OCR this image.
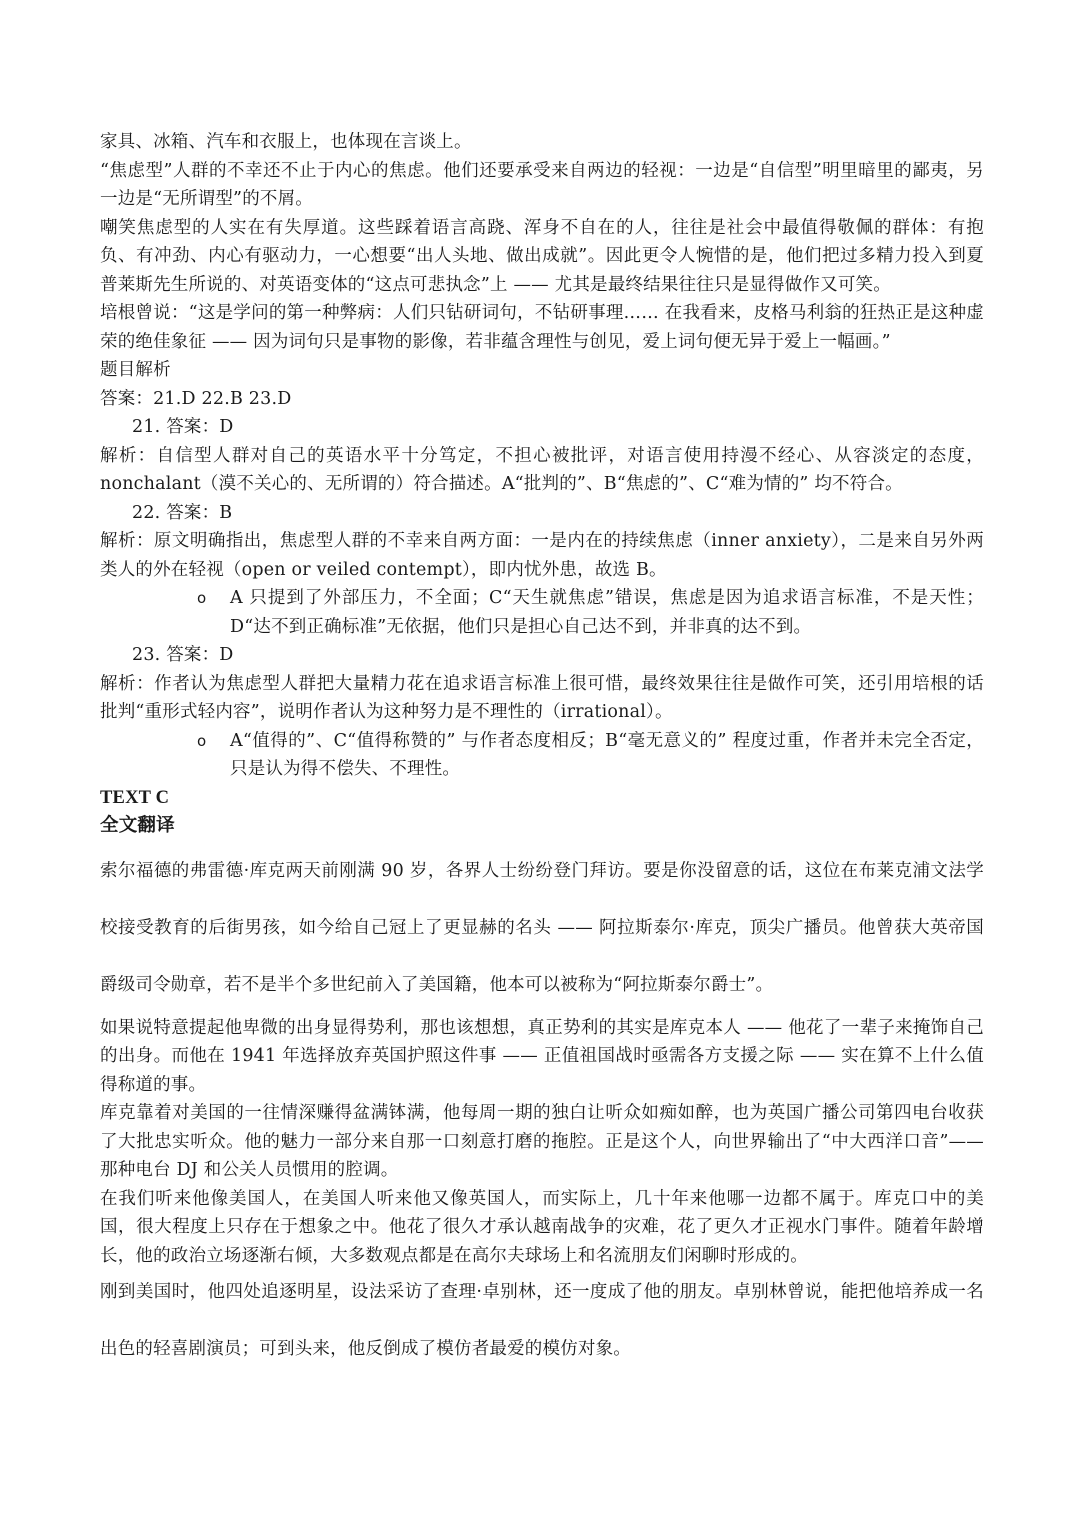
家具、冰箱、汽车和衣服上，也体现在言谈上。

“焦虑型”人群的不幸还不止于内心的焦虑。他们还要承受来自两边的轻视：一边是“自信型”明里暗里的鄙夷，另一边是“无所谓型”的不屑。

嘲笑焦虑型的人实在有失厚道。这些踩着语言高跷、浑身不自在的人，往往是社会中最值得敬佩的群体：有抱负、有冲劲、内心有驱动力，一心想要“出人头地、做出成就”。因此更令人惋惜的是，他们把过多精力投入到夏普莱斯先生所说的、对英语变体的“这点可悲执念”上 —— 尤其是最终结果往往只是显得做作又可笑。

培根曾说：“这是学问的第一种弊病：人们只钻研词句，不钻研事理…… 在我看来，皮格马利翁的狂热正是这种虚荣的绝佳象征 —— 因为词句只是事物的影像，若非蕴含理性与创见，爱上词句便无异于爱上一幅画。”

题目解析

答案：21.D 22.B 23.D

21. 答案：D

解析：自信型人群对自己的英语水平十分笃定，不担心被批评，对语言使用持漫不经心、从容淡定的态度，nonchalant（漠不关心的、无所谓的）符合描述。A“批判的”、B“焦虑的”、C“难为情的” 均不符合。

22. 答案：B

解析：原文明确指出，焦虑型人群的不幸来自两方面：一是内在的持续焦虑（inner anxiety），二是来自另外两类人的外在轻视（open or veiled contempt），即内忧外患，故选 B。

o A 只提到了外部压力，不全面；C“天生就焦虑”错误，焦虑是因为追求语言标准，不是天性；D“达不到正确标准”无依据，他们只是担心自己达不到，并非真的达不到。

23. 答案：D

解析：作者认为焦虑型人群把大量精力花在追求语言标准上很可惜，最终效果往往是做作可笑，还引用培根的话批判“重形式轻内容”，说明作者认为这种努力是不理性的（irrational）。

o A“值得的”、C“值得称赞的” 与作者态度相反；B“毫无意义的” 程度过重，作者并未完全否定，只是认为得不偿失、不理性。

TEXT C

全文翻译

索尔福德的弗雷德·库克两天前刚满 90 岁，各界人士纷纷登门拜访。要是你没留意的话，这位在布莱克浦文法学校接受教育的后街男孩，如今给自己冠上了更显赫的名头 —— 阿拉斯泰尔·库克，顶尖广播员。他曾获大英帝国爵级司令勋章，若不是半个多世纪前入了美国籍，他本可以被称为“阿拉斯泰尔爵士”。

如果说特意提起他卑微的出身显得势利，那也该想想，真正势利的其实是库克本人 —— 他花了一辈子来掩饰自己的出身。而他在 1941 年选择放弃英国护照这件事 —— 正值祖国战时亟需各方支援之际 —— 实在算不上什么值得称道的事。

库克靠着对美国的一往情深赚得盆满钵满，他每周一期的独白让听众如痴如醉，也为英国广播公司第四电台收获了大批忠实听众。他的魅力一部分来自那一口刻意打磨的拖腔。正是这个人，向世界输出了“中大西洋口音”—— 那种电台 DJ 和公关人员惯用的腔调。

在我们听来他像美国人，在美国人听来他又像英国人，而实际上，几十年来他哪一边都不属于。库克口中的美国，很大程度上只存在于想象之中。他花了很久才承认越南战争的灾难，花了更久才正视水门事件。随着年龄增长，他的政治立场逐渐右倾，大多数观点都是在高尔夫球场上和名流朋友们闲聊时形成的。

刚到美国时，他四处追逐明星，设法采访了查理·卓别林，还一度成了他的朋友。卓别林曾说，能把他培养成一名出色的轻喜剧演员；可到头来，他反倒成了模仿者最爱的模仿对象。
